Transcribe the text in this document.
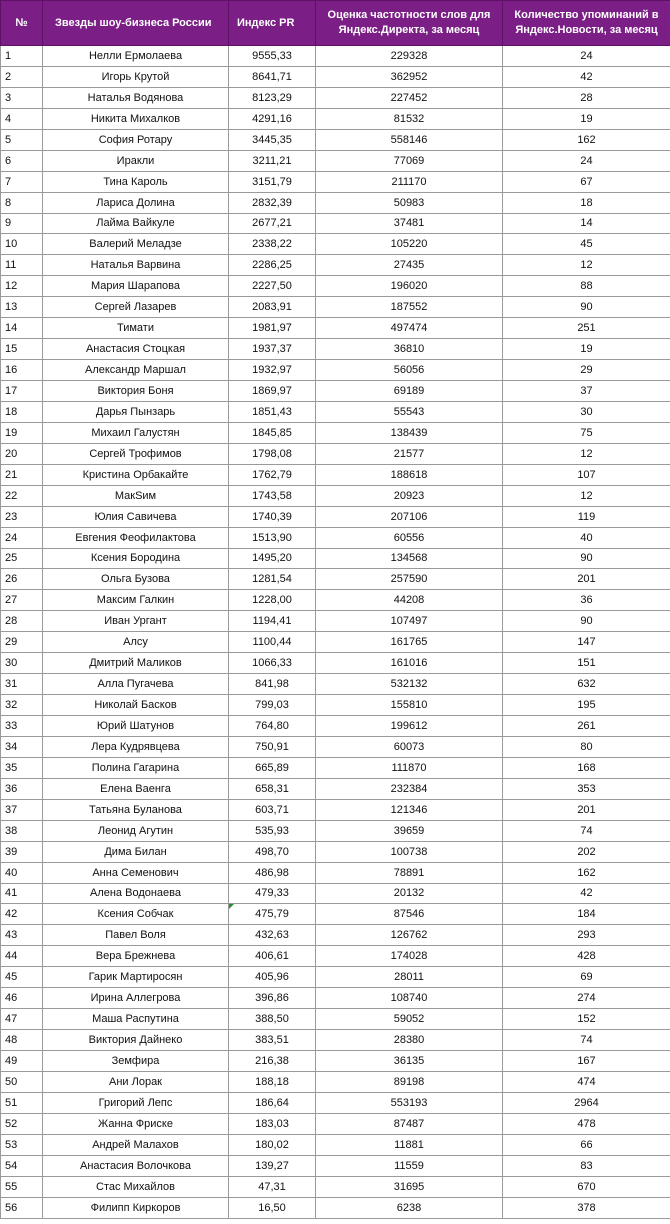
№	Звезды шоу-бизнеса России	Индекс PR	Оценка частотности слов для Яндекс.Директа, за месяц	Количество упоминаний в Яндекс.Новости, за месяц
1	Нелли Ермолаева	9555,33	229328	24
2	Игорь Крутой	8641,71	362952	42
3	Наталья Водянова	8123,29	227452	28
4	Никита Михалков	4291,16	81532	19
5	София Ротару	3445,35	558146	162
6	Иракли	3211,21	77069	24
7	Тина Кароль	3151,79	211170	67
8	Лариса Долина	2832,39	50983	18
9	Лайма Вайкуле	2677,21	37481	14
10	Валерий Меладзе	2338,22	105220	45
11	Наталья Варвина	2286,25	27435	12
12	Мария Шарапова	2227,50	196020	88
13	Сергей Лазарев	2083,91	187552	90
14	Тимати	1981,97	497474	251
15	Анастасия Стоцкая	1937,37	36810	19
16	Александр Маршал	1932,97	56056	29
17	Виктория Боня	1869,97	69189	37
18	Дарья Пынзарь	1851,43	55543	30
19	Михаил Галустян	1845,85	138439	75
20	Сергей Трофимов	1798,08	21577	12
21	Кристина Орбакайте	1762,79	188618	107
22	МакSим	1743,58	20923	12
23	Юлия Савичева	1740,39	207106	119
24	Евгения Феофилактова	1513,90	60556	40
25	Ксения Бородина	1495,20	134568	90
26	Ольга Бузова	1281,54	257590	201
27	Максим Галкин	1228,00	44208	36
28	Иван Ургант	1194,41	107497	90
29	Алсу	1100,44	161765	147
30	Дмитрий Маликов	1066,33	161016	151
31	Алла Пугачева	841,98	532132	632
32	Николай Басков	799,03	155810	195
33	Юрий Шатунов	764,80	199612	261
34	Лера Кудрявцева	750,91	60073	80
35	Полина Гагарина	665,89	111870	168
36	Елена Ваенга	658,31	232384	353
37	Татьяна Буланова	603,71	121346	201
38	Леонид Агутин	535,93	39659	74
39	Дима Билан	498,70	100738	202
40	Анна Семенович	486,98	78891	162
41	Алена Водонаева	479,33	20132	42
42	Ксения Собчак	475,79	87546	184
43	Павел Воля	432,63	126762	293
44	Вера Брежнева	406,61	174028	428
45	Гарик Мартиросян	405,96	28011	69
46	Ирина Аллегрова	396,86	108740	274
47	Маша Распутина	388,50	59052	152
48	Виктория Дайнеко	383,51	28380	74
49	Земфира	216,38	36135	167
50	Ани Лорак	188,18	89198	474
51	Григорий Лепс	186,64	553193	2964
52	Жанна Фриске	183,03	87487	478
53	Андрей Малахов	180,02	11881	66
54	Анастасия Волочкова	139,27	11559	83
55	Стас Михайлов	47,31	31695	670
56	Филипп Киркоров	16,50	6238	378
